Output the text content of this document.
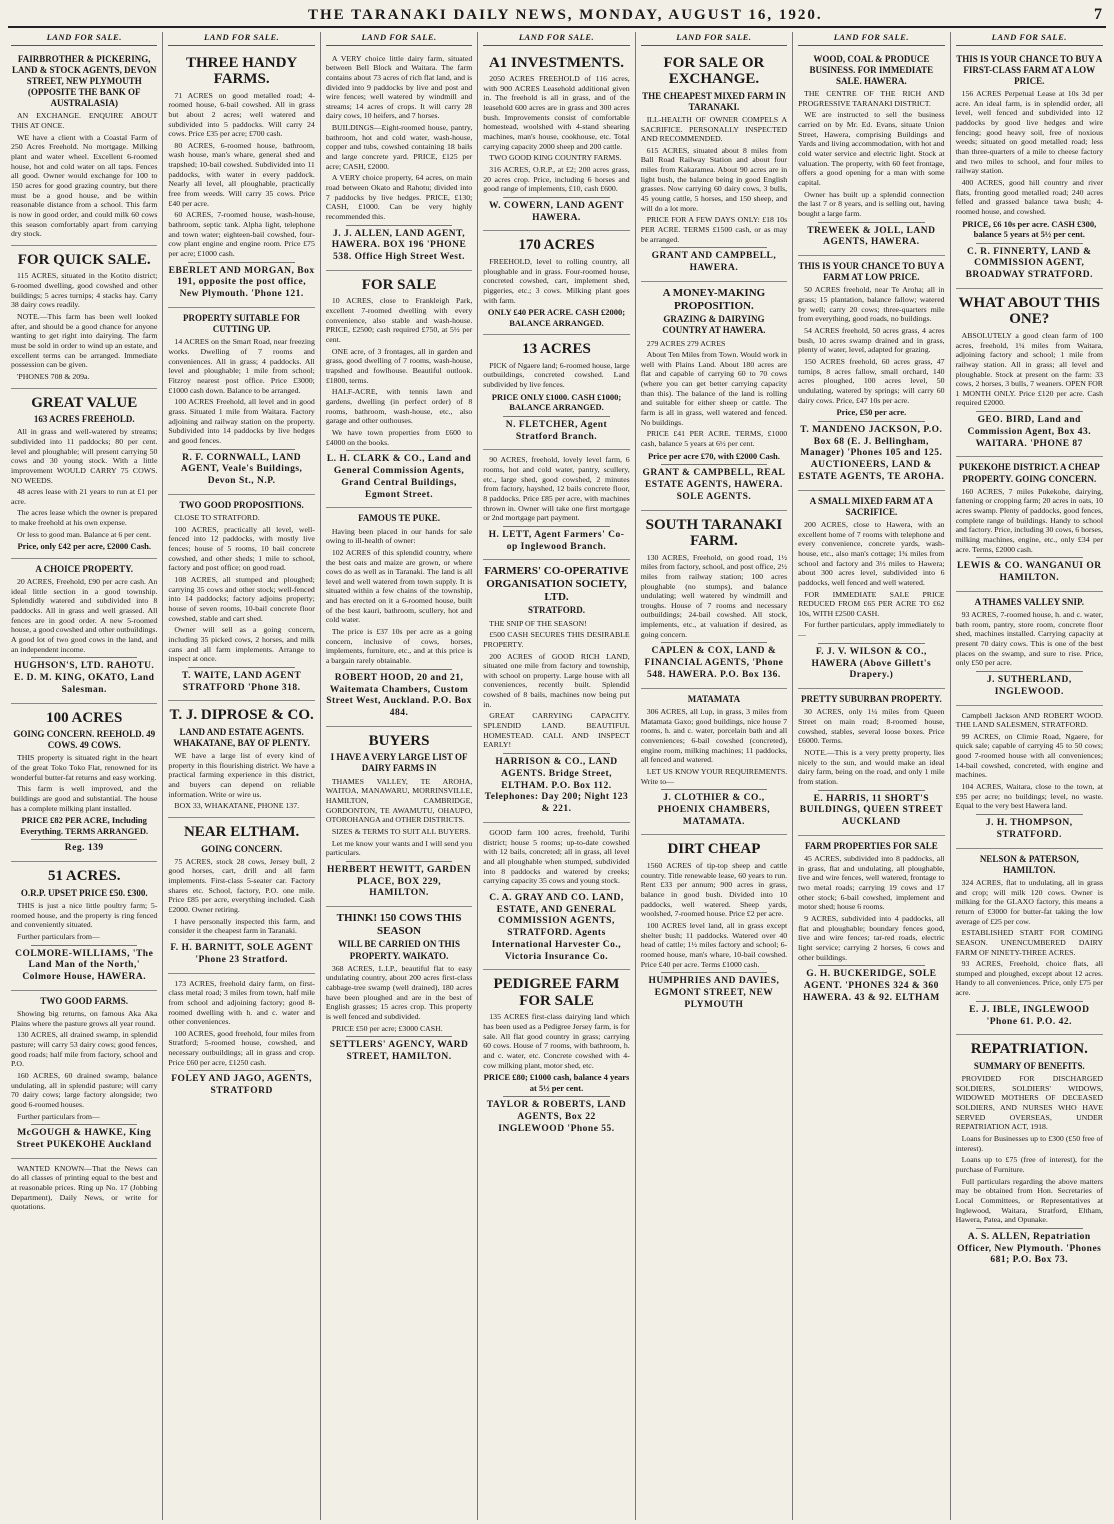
THE TARANAKI DAILY NEWS, MONDAY, AUGUST 16, 1920.	7
LAND FOR SALE.
FAIRBROTHER & PICKERING, LAND & STOCK AGENTS, DEVON STREET, NEW PLYMOUTH (OPPOSITE THE BANK OF AUSTRALASIA)

AN EXCHANGE. ENQUIRE ABOUT THIS AT ONCE.

WE have a client with a Coastal Farm of 250 Acres Freehold. No mortgage. Milking plant and water wheel. Excellent 6-roomed house, hot and cold water on all taps. Fences all good. Owner would exchange for 100 to 150 acres for good grazing country, but there must be a good house, and be within reasonable distance from a school. This farm is now in good order, and could milk 60 cows this season comfortably apart from carrying dry stock.

FOR QUICK SALE.

115 ACRES, situated in the Kotito district; 6-roomed dwelling, good cowshed and other buildings; 5 acres turnips; 4 stacks hay. Carry 38 dairy cows readily.

NOTE.—This farm has been well looked after, and should be a good chance for anyone wanting to get right into dairying. The farm must be sold in order to wind up an estate, and excellent terms can be arranged. Immediate possession can be given.

'PHONES 708 & 209a.

GREAT VALUE
163 ACRES FREEHOLD.

All in grass and well-watered by streams; subdivided into 11 paddocks; 80 per cent. level and ploughable; will present carrying 50 cows and 30 young stock. With a little improvement WOULD CARRY 75 COWS. NO WEEDS.

48 acres lease with 21 years to run at £1 per acre.

The acres lease which the owner is prepared to make freehold at his own expense.

Or less to good man. Balance at 6 per cent.

Price, only £42 per acre, £2000 Cash.
A CHOICE PROPERTY.

20 ACRES, Freehold, £90 per acre cash. An ideal little section in a good township. Splendidly watered and subdivided into 8 paddocks. All in grass and well grassed. All fences are in good order. A new 5-roomed house, a good cowshed and other outbuildings. A good lot of two good cows in the land, and an independent income.

HUGHSON'S, LTD. RAHOTU. E. D. M. KING, OKATO, Land Salesman.
100 ACRES
GOING CONCERN. REEHOLD. 49 COWS. 49 COWS.

THIS property is situated right in the heart of the great Toko Toko Flat, renowned for its wonderful butter-fat returns and easy working.

This farm is well improved, and the buildings are good and substantial. The house has a complete milking plant installed.

PRICE £82 PER ACRE, Including Everything. TERMS ARRANGED.
Reg. 139
51 ACRES.
O.R.P. UPSET PRICE £50. £300.

THIS is just a nice little poultry farm; 5-roomed house, and the property is ring fenced and conveniently situated.

Further particulars from—

COLMORE-WILLIAMS, 'The Land Man of the North,' Colmore House, HAWERA.
TWO GOOD FARMS.

Showing big returns, on famous Aka Aka Plains where the pasture grows all year round.

130 ACRES, all drained swamp, in splendid pasture; will carry 53 dairy cows; good fences, good roads; half mile from factory, school and P.O.

160 ACRES, 60 drained swamp, balance undulating, all in splendid pasture; will carry 70 dairy cows; large factory alongside; two good 6-roomed houses.

Further particulars from—

McGOUGH & HAWKE, King Street PUKEKOHE Auckland

WANTED KNOWN—That the News can do all classes of printing equal to the best and at reasonable prices. Ring up No. 17 (Jobbing Department), Daily News, or write for quotations.

LAND FOR SALE.
THREE HANDY FARMS.

71 ACRES on good metalled road; 4-roomed house, 6-bail cowshed. All in grass but about 2 acres; well watered and subdivided into 5 paddocks. Will carry 24 cows. Price £35 per acre; £700 cash.

80 ACRES, 6-roomed house, bathroom, wash house, man's whare, general shed and trapshed; 10-bail cowshed. Subdivided into 11 paddocks, with water in every paddock. Nearly all level, all ploughable, practically free from weeds. Will carry 35 cows. Price £40 per acre.

60 ACRES, 7-roomed house, wash-house, bathroom, septic tank. Alpha light, telephone and town water; eighteen-bail cowshed, four-cow plant engine and engine room. Price £75 per acre; £1000 cash.

EBERLET AND MORGAN, Box 191, opposite the post office, New Plymouth. 'Phone 121.
PROPERTY SUITABLE FOR CUTTING UP.

14 ACRES on the Smart Road, near freezing works. Dwelling of 7 rooms and conveniences. All in grass; 4 paddocks. All level and ploughable; 1 mile from school; Fitzroy nearest post office. Price £3000; £1000 cash down. Balance to be arranged.

100 ACRES Freehold, all level and in good grass. Situated 1 mile from Waitara. Factory adjoining and railway station on the property. Subdivided into 14 paddocks by live hedges and good fences.

R. F. CORNWALL, LAND AGENT, Veale's Buildings, Devon St., N.P.
TWO GOOD PROPOSITIONS.

CLOSE TO STRATFORD.

100 ACRES, practically all level, well-fenced into 12 paddocks, with mostly live fences; house of 5 rooms, 10 bail concrete cowshed, and other sheds; 1 mile to school, factory and post office; on good road.

108 ACRES, all stumped and ploughed; carrying 35 cows and other stock; well-fenced into 14 paddocks; factory adjoins property; house of seven rooms, 10-bail concrete floor cowshed, stable and cart shed.

Owner will sell as a going concern, including 35 picked cows, 2 horses, and milk cans and all farm implements. Arrange to inspect at once.

T. WAITE, LAND AGENT STRATFORD 'Phone 318.
T. J. DIPROSE & CO.
LAND AND ESTATE AGENTS. WHAKATANE, BAY OF PLENTY.

WE have a large list of every kind of property in this flourishing district. We have a practical farming experience in this district, and buyers can depend on reliable information. Write or wire us.

BOX 33, WHAKATANE, PHONE 137.

NEAR ELTHAM.
GOING CONCERN.

75 ACRES, stock 28 cows, Jersey bull, 2 good horses, cart, drill and all farm implements. First-class 5-seater car. Factory shares etc. School, factory, P.O. one mile. Price £85 per acre, everything included. Cash £2000. Owner retiring.

I have personally inspected this farm, and consider it the cheapest farm in Taranaki.

F. H. BARNITT, SOLE AGENT 'Phone 23 Stratford.

173 ACRES, freehold dairy farm, on first-class metal road; 3 miles from town, half mile from school and adjoining factory; good 8-roomed dwelling with h. and c. water and other conveniences.

100 ACRES, good freehold, four miles from Stratford; 5-roomed house, cowshed, and necessary outbuildings; all in grass and crop. Price £60 per acre, £1250 cash.

FOLEY AND JAGO, AGENTS, STRATFORD
LAND FOR SALE.

A VERY choice little dairy farm, situated between Bell Block and Waitara. The farm contains about 73 acres of rich flat land, and is divided into 9 paddocks by live and post and wire fences; well watered by windmill and streams; 14 acres of crops. It will carry 28 dairy cows, 10 heifers, and 7 horses.

BUILDINGS—Eight-roomed house, pantry, bathroom, hot and cold water, wash-house, copper and tubs, cowshed containing 18 bails and large concrete yard. PRICE, £125 per acre; CASH, £2000.

A VERY choice property, 64 acres, on main road between Okato and Rahotu; divided into 7 paddocks by live hedges. PRICE, £130; CASH, £1000. Can be very highly recommended this.

J. J. ALLEN, LAND AGENT, HAWERA. BOX 196 'PHONE 538. Office High Street West.
FOR SALE

10 ACRES, close to Frankleigh Park, excellent 7-roomed dwelling with every convenience, also stable and wash-house. PRICE, £2500; cash required £750, at 5½ per cent.

ONE acre, of 3 frontages, all in garden and grass, good dwelling of 7 rooms, wash-house, trapshed and fowlhouse. Beautiful outlook. £1800, terms.

HALF-ACRE, with tennis lawn and gardens, dwelling (in perfect order) of 8 rooms, bathroom, wash-house, etc., also garage and other outhouses.

We have town properties from £600 to £4000 on the books.

L. H. CLARK & CO., Land and General Commission Agents, Grand Central Buildings, Egmont Street.
FAMOUS TE PUKE.

Having been placed in our hands for sale owing to ill-health of owner:

102 ACRES of this splendid country, where the best oats and maize are grown, or where cows do as well as in Taranaki. The land is all level and well watered from town supply. It is situated within a few chains of the township, and has erected on it a 6-roomed house, built of the best kauri, bathroom, scullery, hot and cold water.

The price is £37 10s per acre as a going concern, inclusive of cows, horses, implements, furniture, etc., and at this price is a bargain rarely obtainable.

ROBERT HOOD, 20 and 21, Waitemata Chambers, Custom Street West, Auckland. P.O. Box 484.
BUYERS
I HAVE A VERY LARGE LIST OF DAIRY FARMS IN

THAMES VALLEY, TE AROHA, WAITOA, MANAWARU, MORRINSVILLE, HAMILTON, CAMBRIDGE, GORDONTON, TE AWAMUTU, OHAUPO, OTOROHANGA and OTHER DISTRICTS.

SIZES & TERMS TO SUIT ALL BUYERS.

Let me know your wants and I will send you particulars.

HERBERT HEWITT, GARDEN PLACE, BOX 229, HAMILTON.
THINK! 150 COWS THIS SEASON
WILL BE CARRIED ON THIS PROPERTY. WAIKATO.

368 ACRES, L.I.P., beautiful flat to easy undulating country, about 200 acres first-class cabbage-tree swamp (well drained), 180 acres have been ploughed and are in the best of English grasses; 15 acres crop. This property is well fenced and subdivided.

PRICE £50 per acre; £3000 CASH.

SETTLERS' AGENCY, WARD STREET, HAMILTON.
LAND FOR SALE.
A1 INVESTMENTS.

2050 ACRES FREEHOLD of 116 acres, with 900 ACRES Leasehold additional given in. The freehold is all in grass, and of the leasehold 600 acres are in grass and 300 acres bush. Improvements consist of comfortable homestead, woolshed with 4-stand shearing machines, man's house, cookhouse, etc. Total carrying capacity 2000 sheep and 200 cattle.

TWO GOOD KING COUNTRY FARMS.

316 ACRES, O.R.P., at £2; 200 acres grass, 20 acres crop. Price, including 6 horses and good range of implements, £10, cash £600.

W. COWERN, LAND AGENT HAWERA.
170 ACRES

FREEHOLD, level to rolling country, all ploughable and in grass. Four-roomed house, concreted cowshed, cart, implement shed, piggeries, etc.; 3 cows. Milking plant goes with farm.

ONLY £40 PER ACRE. CASH £2000; BALANCE ARRANGED.
13 ACRES

PICK of Ngaere land; 6-roomed house, large outbuildings, concreted cowshed. Land subdivided by live fences.

PRICE ONLY £1000. CASH £1000; BALANCE ARRANGED.
N. FLETCHER, Agent Stratford Branch.

90 ACRES, freehold, lovely level farm, 6 rooms, hot and cold water, pantry, scullery, etc., large shed, good cowshed, 2 minutes from factory, hayshed, 12 bails concrete floor, 8 paddocks. Price £85 per acre, with machines thrown in. Owner will take one first mortgage or 2nd mortgage part payment.

H. LETT, Agent Farmers' Co-op Inglewood Branch.
FARMERS' CO-OPERATIVE ORGANISATION SOCIETY, LTD.
STRATFORD.

THE SNIP OF THE SEASON!

£500 CASH SECURES THIS DESIRABLE PROPERTY.

200 ACRES of GOOD RICH LAND, situated one mile from factory and township, with school on property. Large house with all conveniences, recently built. Splendid cowshed of 8 bails, machines now being put in.

GREAT CARRYING CAPACITY. SPLENDID LAND. BEAUTIFUL HOMESTEAD. CALL AND INSPECT EARLY!

HARRISON & CO., LAND AGENTS. Bridge Street, ELTHAM. P.O. Box 112. Telephones: Day 200; Night 123 & 221.

GOOD farm 100 acres, freehold, Turihi district; house 5 rooms; up-to-date cowshed with 12 bails, concreted; all in grass, all level and all ploughable when stumped, subdivided into 8 paddocks and watered by creeks; carrying capacity 35 cows and young stock.

C. A. GRAY AND CO. LAND, ESTATE, AND GENERAL COMMISSION AGENTS, STRATFORD. Agents International Harvester Co., Victoria Insurance Co.
PEDIGREE FARM FOR SALE

135 ACRES first-class dairying land which has been used as a Pedigree Jersey farm, is for sale. All flat good country in grass; carrying 60 cows. House of 7 rooms, with bathroom, h. and c. water, etc. Concrete cowshed with 4-cow milking plant, motor shed, etc.

PRICE £80; £1000 cash, balance 4 years at 5½ per cent.
TAYLOR & ROBERTS, LAND AGENTS, Box 22 INGLEWOOD 'Phone 55.
LAND FOR SALE.
FOR SALE OR EXCHANGE.
THE CHEAPEST MIXED FARM IN TARANAKI.

ILL-HEALTH OF OWNER COMPELS A SACRIFICE. PERSONALLY INSPECTED AND RECOMMENDED.

615 ACRES, situated about 8 miles from Ball Road Railway Station and about four miles from Kakaramea. About 90 acres are in light bush, the balance being in good English grasses. Now carrying 60 dairy cows, 3 bulls, 45 young cattle, 5 horses, and 150 sheep, and will do a lot more.

PRICE FOR A FEW DAYS ONLY: £18 10s PER ACRE. TERMS £1500 cash, or as may be arranged.

GRANT AND CAMPBELL, HAWERA.
A MONEY-MAKING PROPOSITION.
GRAZING & DAIRYING COUNTRY AT HAWERA.

279 ACRES 279 ACRES

About Ten Miles from Town. Would work in well with Plains Land. About 180 acres are flat and capable of carrying 60 to 70 cows (where you can get better carrying capacity than this). The balance of the land is rolling and suitable for either sheep or cattle. The farm is all in grass, well watered and fenced. No buildings.

PRICE £41 PER ACRE. TERMS, £1000 cash, balance 5 years at 6½ per cent.

Price per acre £70, with £2000 Cash.
GRANT & CAMPBELL, REAL ESTATE AGENTS, HAWERA. SOLE AGENTS.
SOUTH TARANAKI FARM.

130 ACRES, Freehold, on good road, 1½ miles from factory, school, and post office, 2½ miles from railway station; 100 acres ploughable (no stumps), and balance undulating; well watered by windmill and troughs. House of 7 rooms and necessary outbuildings; 24-bail cowshed. All stock, implements, etc., at valuation if desired, as going concern.

CAPLEN & COX, LAND & FINANCIAL AGENTS, 'Phone 548. HAWERA. P.O. Box 136.
MATAMATA

306 ACRES, all l.up, in grass, 3 miles from Matamata Gaxo; good buildings, nice house 7 rooms, h. and c. water, porcelain bath and all conveniences; 6-bail cowshed (concreted), engine room, milking machines; 11 paddocks, all fenced and watered.

LET US KNOW YOUR REQUIREMENTS. Write to—

J. CLOTHIER & CO., PHOENIX CHAMBERS, MATAMATA.
DIRT CHEAP

1560 ACRES of tip-top sheep and cattle country. Title renewable lease, 60 years to run. Rent £33 per annum; 900 acres in grass, balance in good bush. Divided into 10 paddocks, well watered. Sheep yards, woolshed, 7-roomed house. Price £2 per acre.

100 ACRES level land, all in grass except shelter bush; 11 paddocks. Watered over 40 head of cattle; 1½ miles factory and school; 6-roomed house, man's whare, 10-bail cowshed. Price £40 per acre. Terms £1000 cash.

HUMPHRIES AND DAVIES, EGMONT STREET, NEW PLYMOUTH
LAND FOR SALE.
WOOD, COAL & PRODUCE BUSINESS. FOR IMMEDIATE SALE. HAWERA.

THE CENTRE OF THE RICH AND PROGRESSIVE TARANAKI DISTRICT.

WE are instructed to sell the business carried on by Mr. Ed. Evans, situate Union Street, Hawera, comprising Buildings and Yards and living accommodation, with hot and cold water service and electric light. Stock at valuation. The property, with 60 feet frontage, offers a good opening for a man with some capital.

Owner has built up a splendid connection the last 7 or 8 years, and is selling out, having bought a large farm.

TREWEEK & JOLL, LAND AGENTS, HAWERA.
THIS IS YOUR CHANCE TO BUY A FARM AT LOW PRICE.

50 ACRES freehold, near Te Aroha; all in grass; 15 plantation, balance fallow; watered by well; carry 20 cows; three-quarters mile from everything, good roads, no buildings.

54 ACRES freehold, 50 acres grass, 4 acres bush, 10 acres swamp drained and in grass, plenty of water, level, adapted for grazing.

150 ACRES freehold, 60 acres grass, 47 turnips, 8 acres fallow, small orchard, 140 acres ploughed, 100 acres level, 50 undulating, watered by springs; will carry 60 dairy cows. Price, £47 10s per acre.

Price, £50 per acre.
T. MANDENO JACKSON, P.O. Box 68 (E. J. Bellingham, Manager) 'Phones 105 and 125. AUCTIONEERS, LAND & ESTATE AGENTS, TE AROHA.
A SMALL MIXED FARM AT A SACRIFICE.

200 ACRES, close to Hawera, with an excellent home of 7 rooms with telephone and every convenience, concrete yards, wash-house, etc., also man's cottage; 1¾ miles from school and factory and 3½ miles to Hawera; about 300 acres level, subdivided into 6 paddocks, well fenced and well watered.

FOR IMMEDIATE SALE PRICE REDUCED FROM £65 PER ACRE TO £62 10s, WITH £2500 CASH.

For further particulars, apply immediately to—

F. J. V. WILSON & CO., HAWERA (Above Gillett's Drapery.)
PRETTY SUBURBAN PROPERTY.

30 ACRES, only 1¼ miles from Queen Street on main road; 8-roomed house, cowshed, stables, several loose boxes. Price £6000. Terms.

NOTE.—This is a very pretty property, lies nicely to the sun, and would make an ideal dairy farm, being on the road, and only 1 mile from station.

E. HARRIS, 11 SHORT'S BUILDINGS, QUEEN STREET AUCKLAND
FARM PROPERTIES FOR SALE

45 ACRES, subdivided into 8 paddocks, all in grass, flat and undulating, all ploughable, live and wire fences, well watered, frontage to two metal roads; carrying 19 cows and 17 other stock; 6-bail cowshed, implement and motor shed; house 6 rooms.

9 ACRES, subdivided into 4 paddocks, all flat and ploughable; boundary fences good, live and wire fences; tar-red roads, electric light service; carrying 2 horses, 6 cows and other buildings.

G. H. BUCKERIDGE, SOLE AGENT. 'PHONES 324 & 360 HAWERA. 43 & 92. ELTHAM
LAND FOR SALE.
THIS IS YOUR CHANCE TO BUY A FIRST-CLASS FARM AT A LOW PRICE.

156 ACRES Perpetual Lease at 10s 3d per acre. An ideal farm, is in splendid order, all level, well fenced and subdivided into 12 paddocks by good live hedges and wire fencing; good heavy soil, free of noxious weeds; situated on good metalled road; less than three-quarters of a mile to cheese factory and two miles to school, and four miles to railway station.

400 ACRES, good hill country and river flats, fronting good metalled road; 240 acres felled and grassed balance tawa bush; 4-roomed house, and cowshed.

PRICE, £6 10s per acre. CASH £300, balance 5 years at 5½ per cent.
C. R. FINNERTY, LAND & COMMISSION AGENT, BROADWAY STRATFORD.
WHAT ABOUT THIS ONE?

ABSOLUTELY a good clean farm of 100 acres, freehold, 1¼ miles from Waitara, adjoining factory and school; 1 mile from railway station. All in grass; all level and ploughable. Stock at present on the farm: 33 cows, 2 horses, 3 bulls, 7 weaners. OPEN FOR 1 MONTH ONLY. Price £120 per acre. Cash required £2000.

GEO. BIRD, Land and Commission Agent, Box 43. WAITARA. 'PHONE 87
PUKEKOHE DISTRICT. A CHEAP PROPERTY. GOING CONCERN.

160 ACRES, 7 miles Pukekohe, dairying, fattening or cropping farm; 20 acres in oats, 10 acres swamp. Plenty of paddocks, good fences, complete range of buildings. Handy to school and factory. Price, including 30 cows, 6 horses, milking machines, engine, etc., only £34 per acre. Terms, £2000 cash.

LEWIS & CO. WANGANUI OR HAMILTON.
A THAMES VALLEY SNIP.

93 ACRES, 7-roomed house, h. and c. water, bath room, pantry, store room, concrete floor shed, machines installed. Carrying capacity at present 70 dairy cows. This is one of the best places on the swamp, and sure to rise. Price, only £50 per acre.

J. SUTHERLAND, INGLEWOOD.

Campbell Jackson AND ROBERT WOOD. THE LAND SALESMEN, STRATFORD.

99 ACRES, on Climie Road, Ngaere, for quick sale; capable of carrying 45 to 50 cows; good 7-roomed house with all conveniences; 14-bail cowshed, concreted, with engine and machines.

104 ACRES, Waitara, close to the town, at £95 per acre; no buildings; level, no waste. Equal to the very best Hawera land.

J. H. THOMPSON, STRATFORD.
NELSON & PATERSON, HAMILTON.

324 ACRES, flat to undulating, all in grass and crop; will milk 120 cows. Owner is milking for the GLAXO factory, this means a return of £3000 for butter-fat taking the low average of £25 per cow.

ESTABLISHED START FOR COMING SEASON. UNENCUMBERED DAIRY FARM OF NINETY-THREE ACRES.

93 ACRES, Freehold, choice flats, all stumped and ploughed, except about 12 acres. Handy to all conveniences. Price, only £75 per acre.

E. J. IBLE, INGLEWOOD 'Phone 61. P.O. 42.
REPATRIATION.
SUMMARY OF BENEFITS.

PROVIDED FOR DISCHARGED SOLDIERS, SOLDIERS' WIDOWS, WIDOWED MOTHERS OF DECEASED SOLDIERS, AND NURSES WHO HAVE SERVED OVERSEAS, UNDER REPATRIATION ACT, 1918.

Loans for Businesses up to £300 (£50 free of interest).

Loans up to £75 (free of interest), for the purchase of Furniture.

Full particulars regarding the above matters may be obtained from Hon. Secretaries of Local Committees, or Representatives at Inglewood, Waitara, Stratford, Eltham, Hawera, Patea, and Opunake.

A. S. ALLEN, Repatriation Officer, New Plymouth. 'Phones 681; P.O. Box 73.
